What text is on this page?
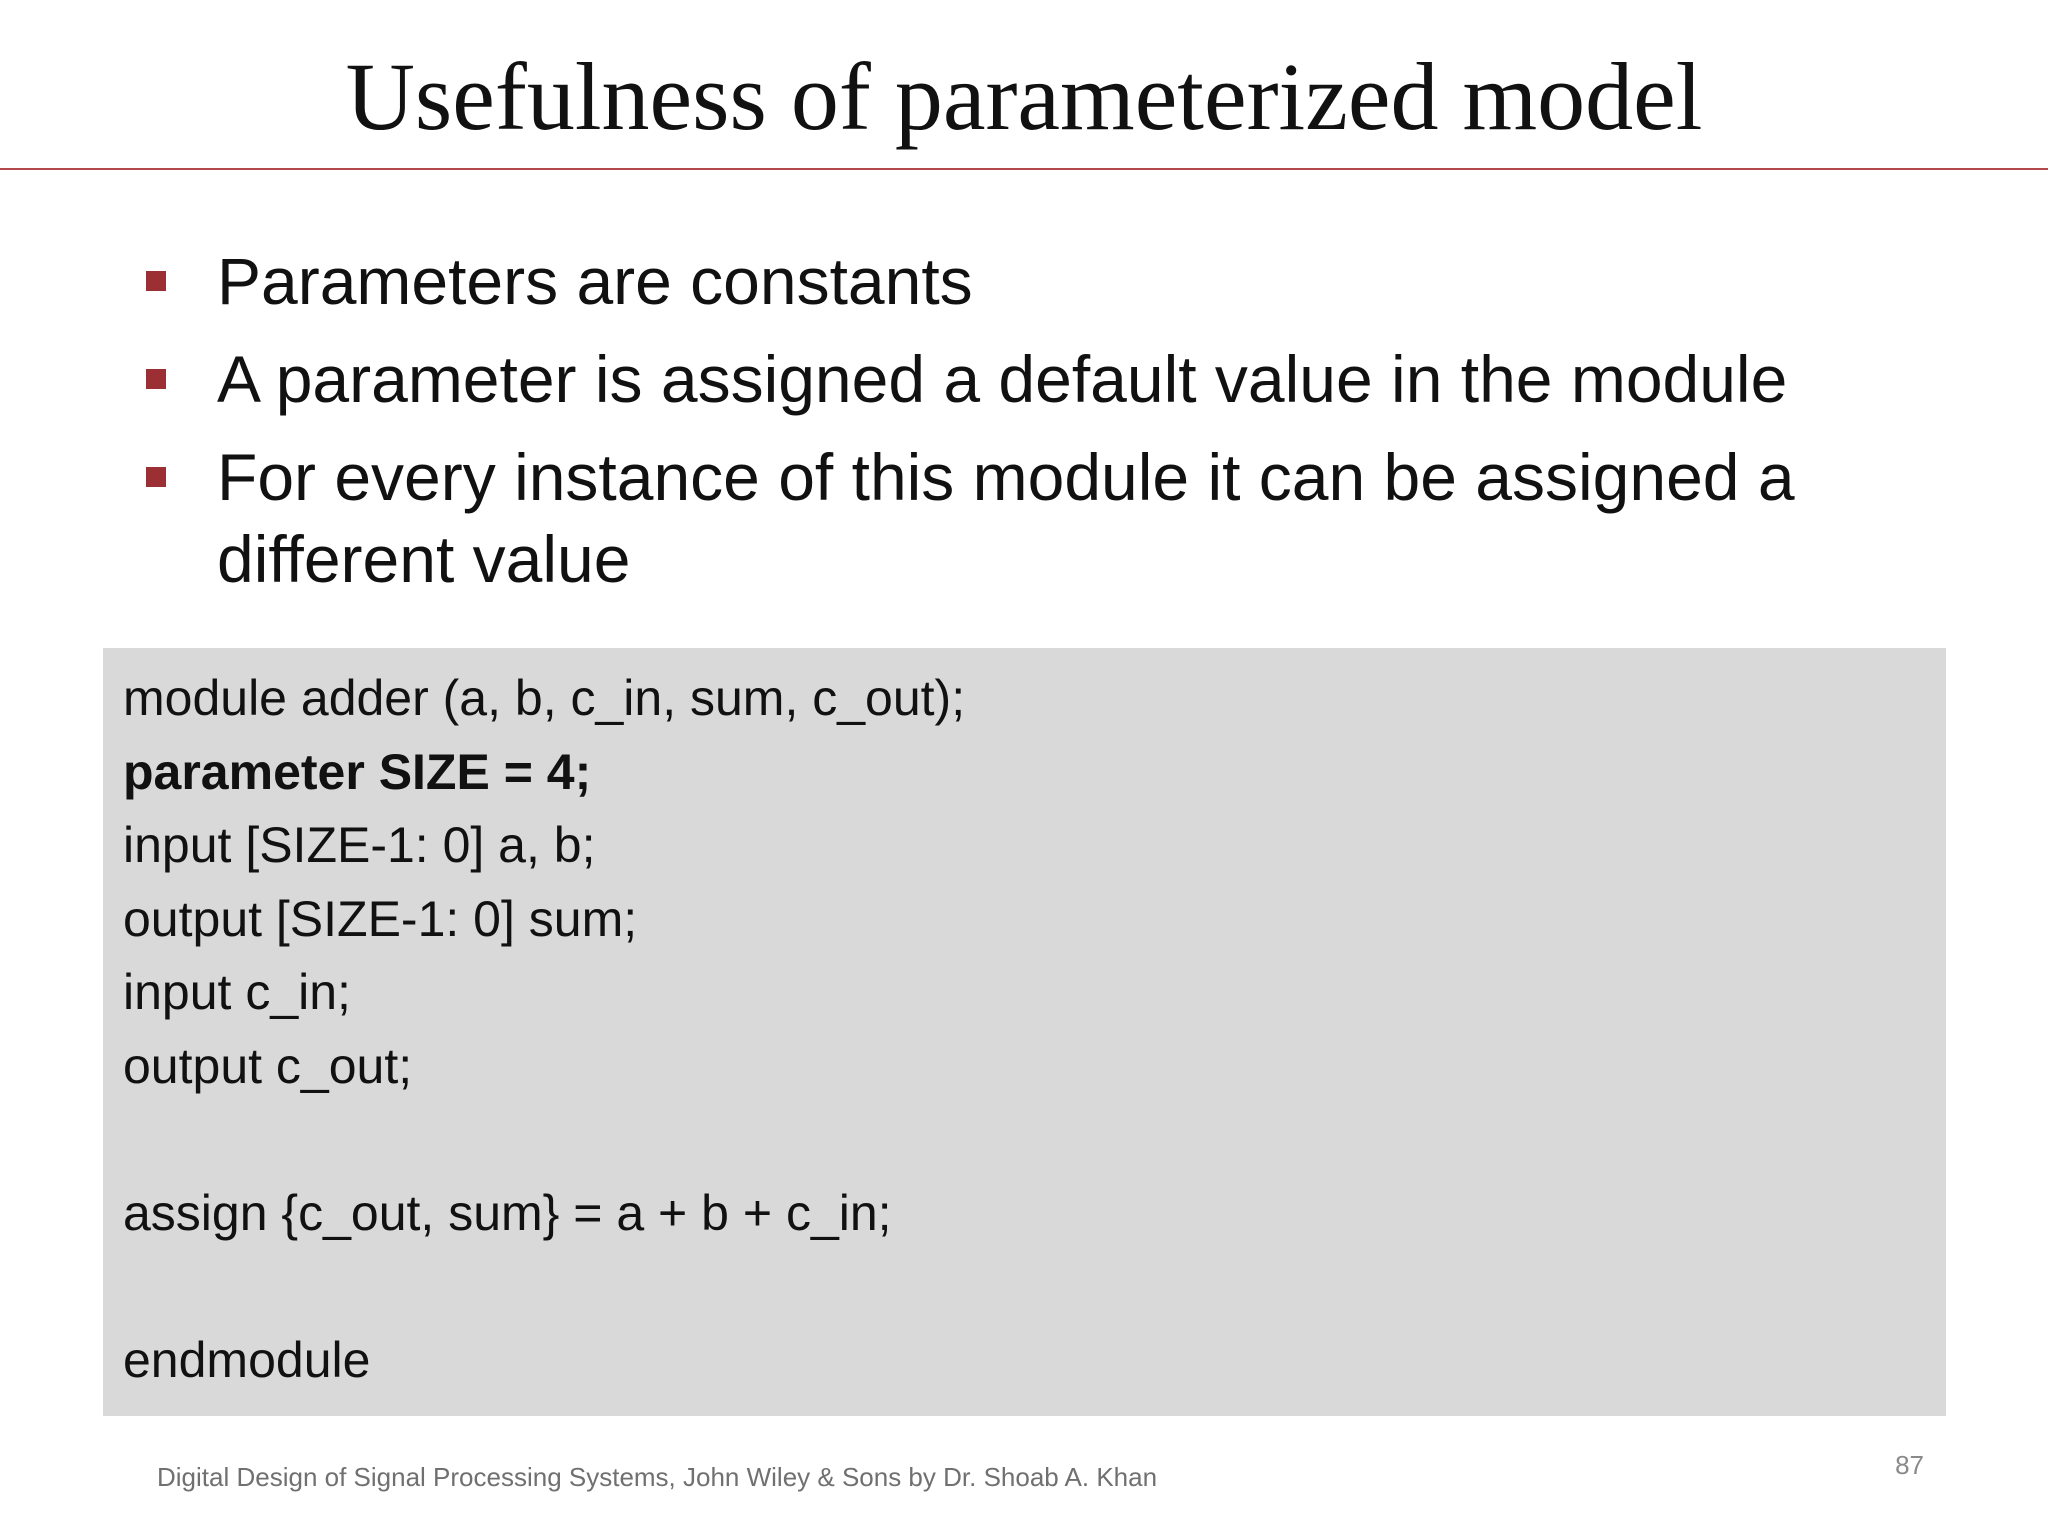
Usefulness of parameterized model
Parameters are constants
A parameter is assigned a default value in the module
For every instance of this module it can be assigned a different value
module adder (a, b, c_in, sum, c_out);
parameter SIZE = 4;
input [SIZE-1: 0] a, b;
output [SIZE-1: 0] sum;
input c_in;
output c_out;
assign {c_out, sum} = a + b + c_in;
endmodule
Digital Design of Signal Processing Systems, John Wiley & Sons by Dr. Shoab A. Khan	87
